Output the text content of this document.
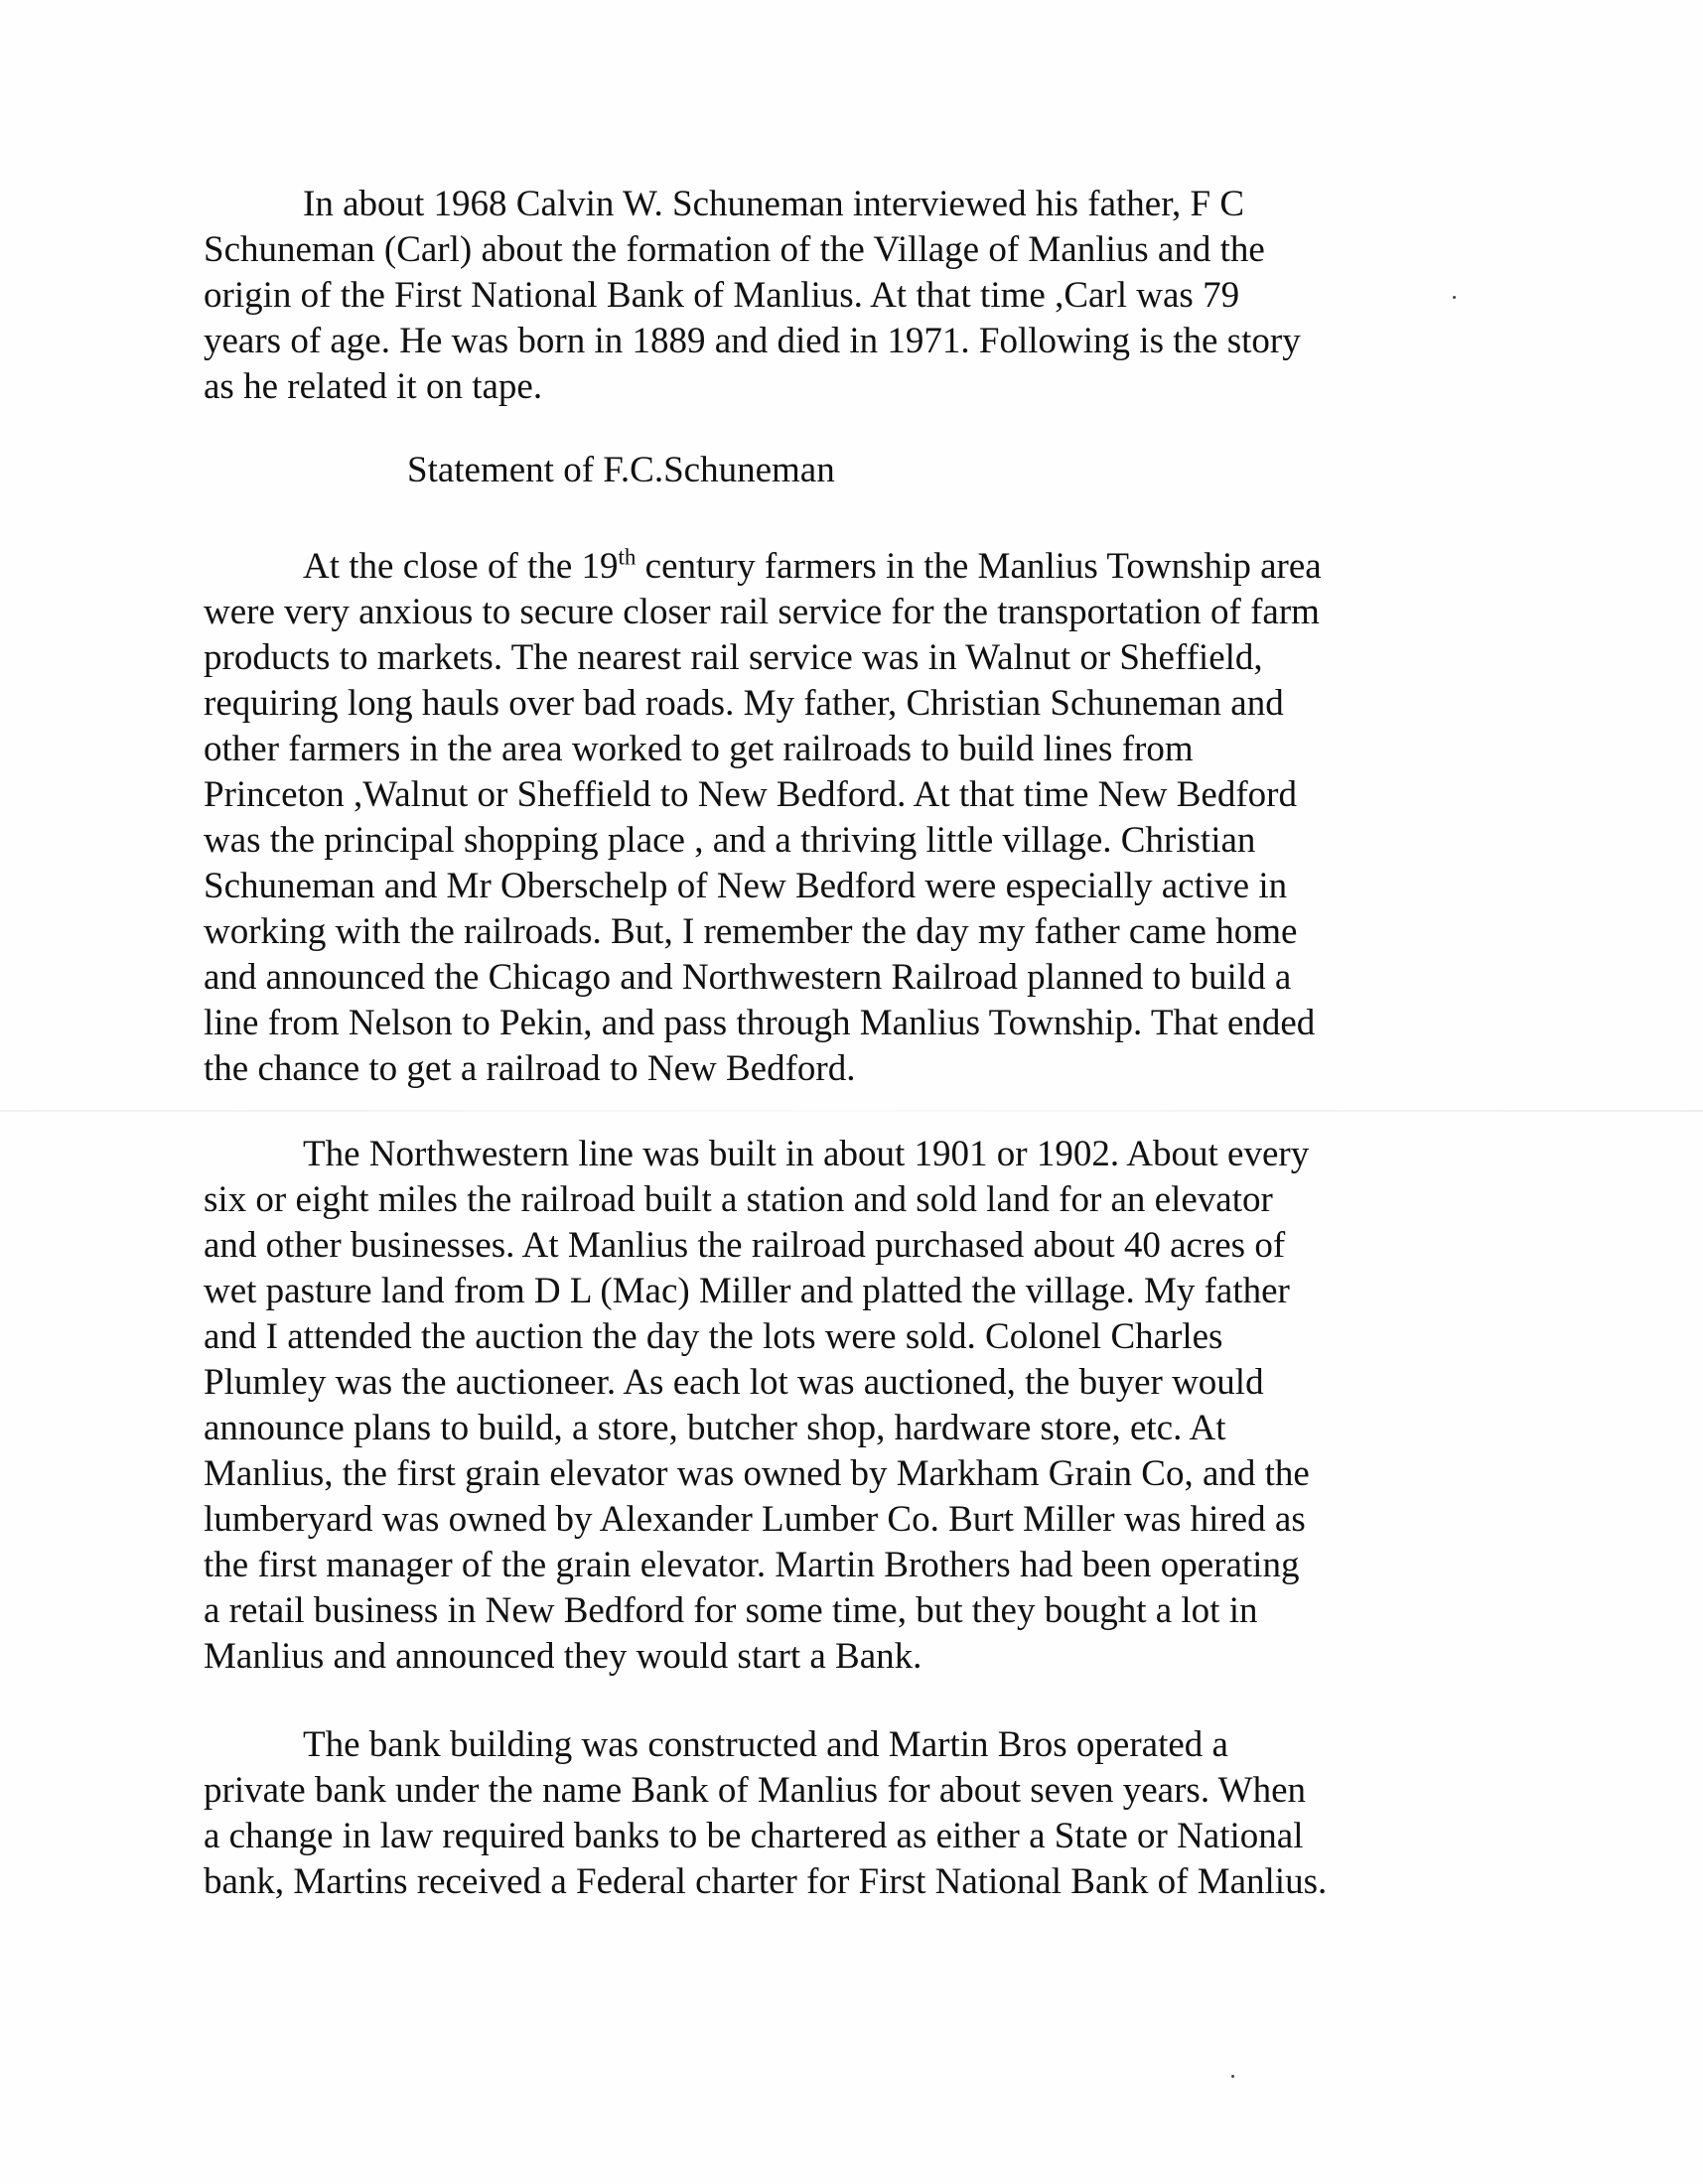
In about 1968 Calvin W. Schuneman interviewed his father, F C
Schuneman (Carl) about the formation of the Village of Manlius and the
origin of the First National Bank of Manlius. At that time ,Carl was 79
years of age. He was born in 1889 and died in 1971. Following is the story
as he related it on tape.
Statement of F.C.Schuneman
At the close of the 19th century farmers in the Manlius Township area
were very anxious to secure closer rail service for the transportation of farm
products to markets. The nearest rail service was in Walnut or Sheffield,
requiring long hauls over bad roads. My father, Christian Schuneman and
other farmers in the area worked to get railroads to build lines from
Princeton ,Walnut or Sheffield to New Bedford. At that time New Bedford
was the principal shopping place , and a thriving little village. Christian
Schuneman and Mr Oberschelp of New Bedford were especially active in
working with the railroads. But, I remember the day my father came home
and announced the Chicago and Northwestern Railroad planned to build a
line from Nelson to Pekin, and pass through Manlius Township. That ended
the chance to get a railroad to New Bedford.
The Northwestern line was built in about 1901 or 1902. About every
six or eight miles the railroad built a station and sold land for an elevator
and other businesses. At Manlius the railroad purchased about 40 acres of
wet pasture land from D L (Mac) Miller and platted the village. My father
and I attended the auction the day the lots were sold. Colonel Charles
Plumley was the auctioneer. As each lot was auctioned, the buyer would
announce plans to build, a store, butcher shop, hardware store, etc. At
Manlius, the first grain elevator was owned by Markham Grain Co, and the
lumberyard was owned by Alexander Lumber Co. Burt Miller was hired as
the first manager of the grain elevator. Martin Brothers had been operating
a retail business in New Bedford for some time, but they bought a lot in
Manlius and announced they would start a Bank.
The bank building was constructed and Martin Bros operated a
private bank under the name Bank of Manlius for about seven years. When
a change in law required banks to be chartered as either a State or National
bank, Martins received a Federal charter for First National Bank of Manlius.
